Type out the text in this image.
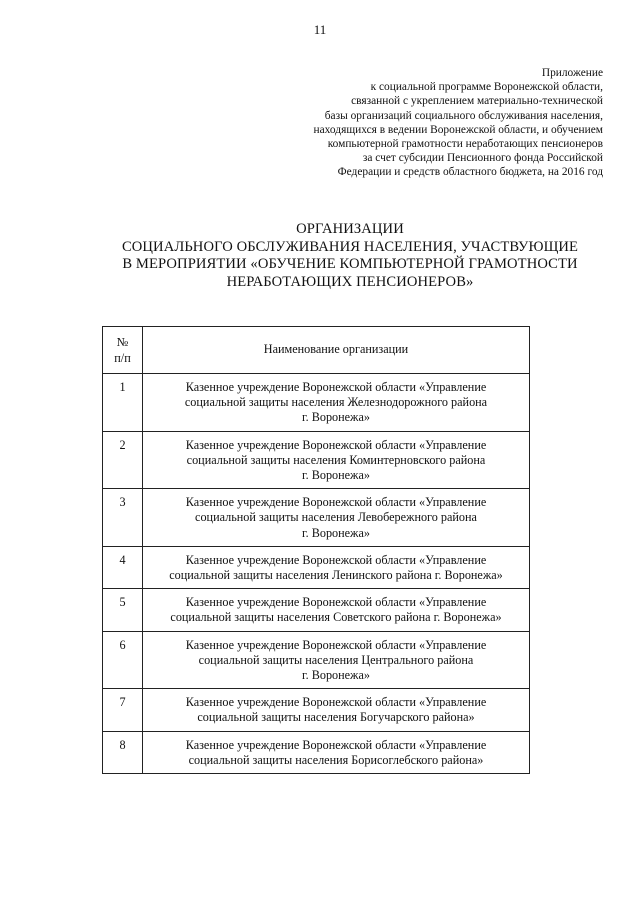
11
Приложение
к социальной программе Воронежской области,
связанной с укреплением материально-технической
базы организаций социального обслуживания населения,
находящихся в ведении Воронежской области, и обучением
компьютерной грамотности неработающих пенсионеров
за счет субсидии Пенсионного фонда Российской
Федерации и средств областного бюджета, на 2016 год
ОРГАНИЗАЦИИ
СОЦИАЛЬНОГО ОБСЛУЖИВАНИЯ НАСЕЛЕНИЯ, УЧАСТВУЮЩИЕ
В МЕРОПРИЯТИИ «ОБУЧЕНИЕ КОМПЬЮТЕРНОЙ ГРАМОТНОСТИ
НЕРАБОТАЮЩИХ ПЕНСИОНЕРОВ»
№
п/п	Наименование организации
1	Казенное учреждение Воронежской области «Управление
социальной защиты населения Железнодорожного района
г. Воронежа»

2	Казенное учреждение Воронежской области «Управление
социальной защиты населения Коминтерновского района
г. Воронежа»

3	Казенное учреждение Воронежской области «Управление
социальной защиты населения Левобережного района
г. Воронежа»

4	Казенное учреждение Воронежской области «Управление
социальной защиты населения Ленинского района г. Воронежа»

5	Казенное учреждение Воронежской области «Управление
социальной защиты населения Советского района г. Воронежа»

6	Казенное учреждение Воронежской области «Управление
социальной защиты населения Центрального района
г. Воронежа»

7	Казенное учреждение Воронежской области «Управление
социальной защиты населения Богучарского района»

8	Казенное учреждение Воронежской области «Управление
социальной защиты населения Борисоглебского района»
